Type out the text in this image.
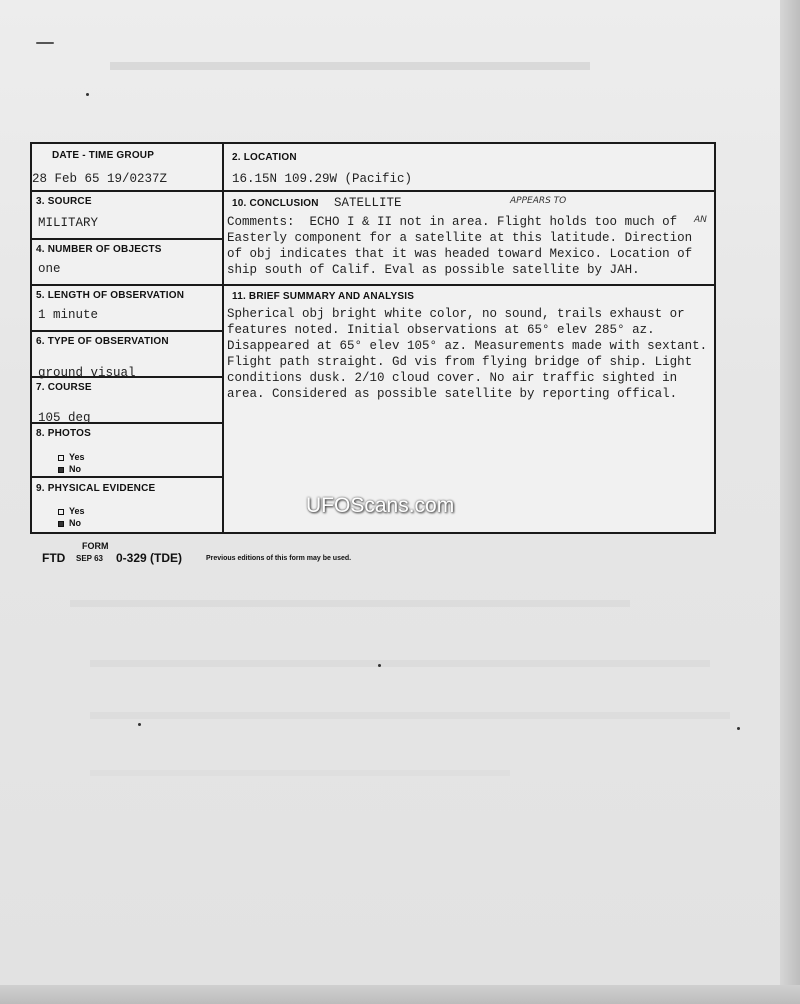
DATE - TIME GROUP
28 Feb 65 19/0237Z
2. LOCATION
16.15N 109.29W (Pacific)
3. SOURCE
MILITARY
4. NUMBER OF OBJECTS
one
5. LENGTH OF OBSERVATION
1 minute
6. TYPE OF OBSERVATION
ground visual
7. COURSE
105 deg
8. PHOTOS
Yes
No
9. PHYSICAL EVIDENCE
Yes
No
10. CONCLUSION SATELLITE	APPEARS TO
AN
Comments:  ECHO I & II not in area. Flight holds too much of
Easterly component for a satellite at this latitude. Direction
of obj indicates that it was headed toward Mexico. Location of
ship south of Calif. Eval as possible satellite by JAH.
11. BRIEF SUMMARY AND ANALYSIS
Spherical obj bright white color, no sound, trails exhaust or
features noted. Initial observations at 65° elev 285° az.
Disappeared at 65° elev 105° az. Measurements made with sextant.
Flight path straight. Gd vis from flying bridge of ship. Light
conditions dusk. 2/10 cloud cover. No air traffic sighted in
area. Considered as possible satellite by reporting offical.
UFOScans.com
FORM
FTD SEP 63 0-329 (TDE)	Previous editions of this form may be used.
